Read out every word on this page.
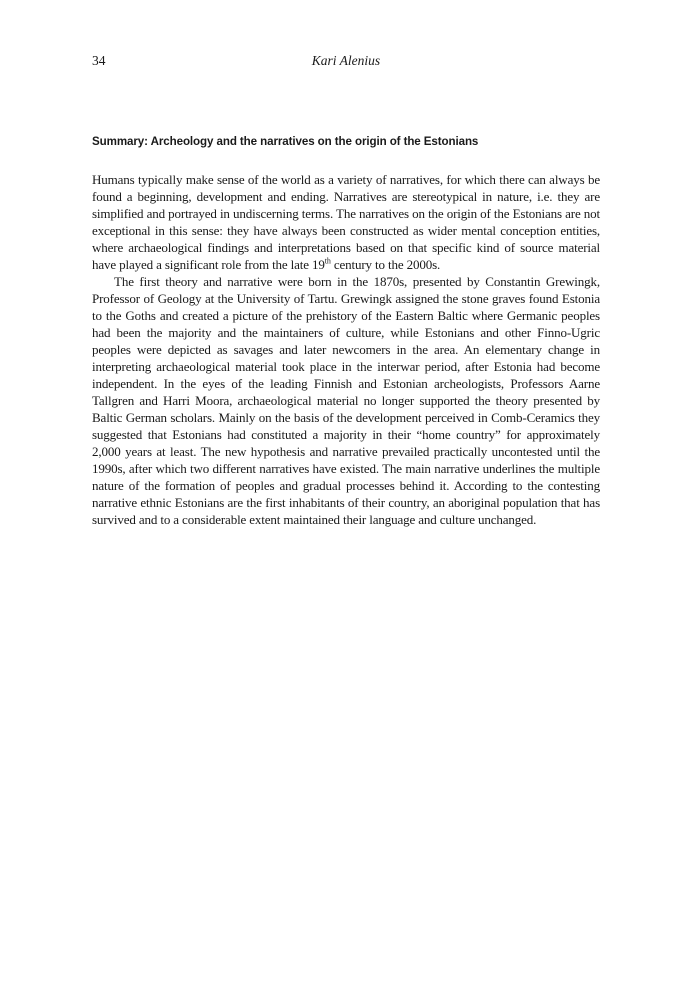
34	Kari Alenius
Summary: Archeology and the narratives on the origin of the Estonians

Humans typically make sense of the world as a variety of narratives, for which there can always be found a beginning, development and ending. Narratives are stereotypical in nature, i.e. they are simplified and portrayed in undiscerning terms. The narratives on the origin of the Estonians are not exceptional in this sense: they have always been constructed as wider mental conception entities, where archaeological findings and interpretations based on that specific kind of source material have played a significant role from the late 19th century to the 2000s.

The first theory and narrative were born in the 1870s, presented by Constantin Grewingk, Professor of Geology at the University of Tartu. Grewingk assigned the stone graves found Estonia to the Goths and created a picture of the prehistory of the Eastern Baltic where Germanic peoples had been the majority and the maintainers of culture, while Estonians and other Finno-Ugric peoples were depicted as savages and later newcomers in the area. An elementary change in interpreting archaeological material took place in the interwar period, after Estonia had become independent. In the eyes of the leading Finnish and Estonian archeologists, Professors Aarne Tallgren and Harri Moora, archaeological material no longer supported the theory presented by Baltic German scholars. Mainly on the basis of the development perceived in Comb-Ceramics they suggested that Estonians had constituted a majority in their “home country” for approximately 2,000 years at least. The new hypothesis and narrative prevailed practically uncontested until the 1990s, after which two different narratives have existed. The main narrative underlines the multiple nature of the formation of peoples and gradual processes behind it. According to the contesting narrative ethnic Estonians are the first inhabitants of their country, an aboriginal population that has survived and to a considerable extent maintained their language and culture unchanged.
